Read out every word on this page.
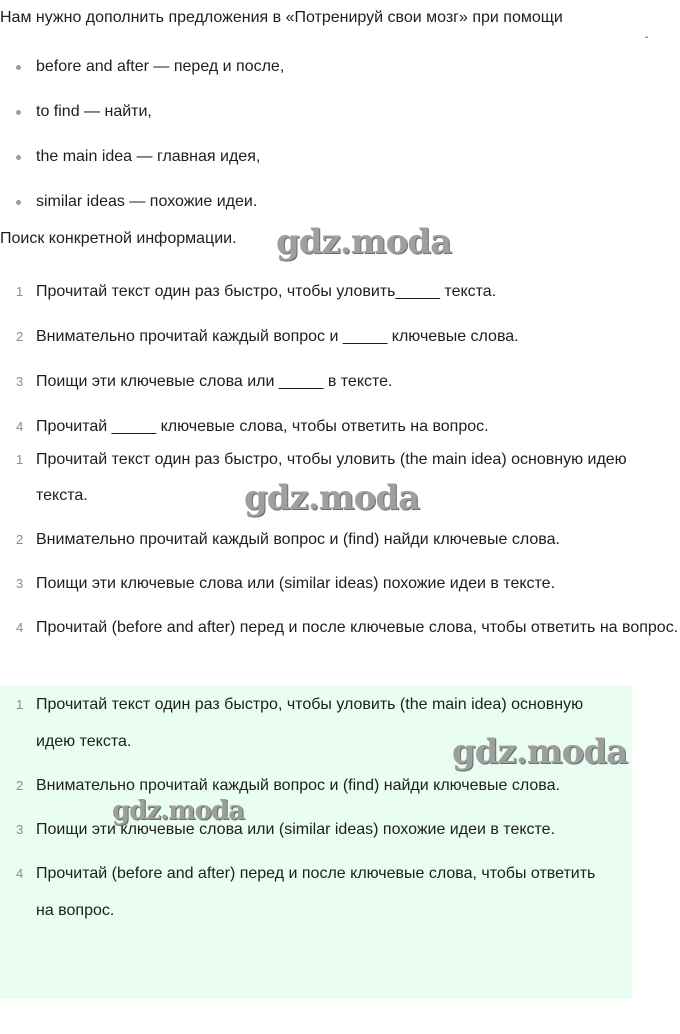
Нам нужно дополнить предложения в «Потренируй свои мозг» при помощи
ˇ
before and after — перед и после,
to find — найти,
the main idea — главная идея,
similar ideas — похожие идеи.
Поиск конкретной информации.
1 Прочитай текст один раз быстро, чтобы уловить_____ текста.
2 Внимательно прочитай каждый вопрос и _____ ключевые слова.
3 Поищи эти ключевые слова или _____ в тексте.
4 Прочитай _____ ключевые слова, чтобы ответить на вопрос.
1 Прочитай текст один раз быстро, чтобы уловить (the main idea) основную идею текста.
2 Внимательно прочитай каждый вопрос и (find) найди ключевые слова.
3 Поищи эти ключевые слова или (similar ideas) похожие идеи в тексте.
4 Прочитай (before and after) перед и после ключевые слова, чтобы ответить на вопрос.
1 Прочитай текст один раз быстро, чтобы уловить (the main idea) основную идею текста.
2 Внимательно прочитай каждый вопрос и (find) найди ключевые слова.
3 Поищи эти ключевые слова или (similar ideas) похожие идеи в тексте.
4 Прочитай (before and after) перед и после ключевые слова, чтобы ответить на вопрос.
gdz.moda
gdz.moda
gdz.moda
gdz.moda
